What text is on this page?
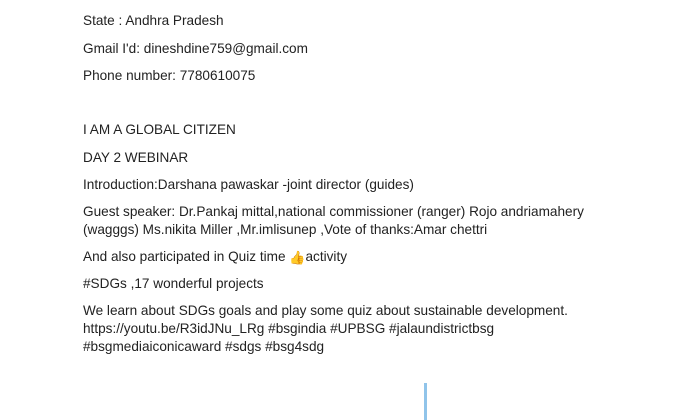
State : Andhra Pradesh

Gmail I'd: dineshdine759@gmail.com

Phone number: 7780610075

I AM A GLOBAL CITIZEN

DAY 2 WEBINAR

Introduction:Darshana pawaskar -joint director (guides)

Guest speaker: Dr.Pankaj mittal,national commissioner (ranger) Rojo andriamahery
(wagggs) Ms.nikita Miller ,Mr.imlisunep ,Vote of thanks:Amar chettri

And also participated in Quiz time 👍activity

#SDGs ,17 wonderful projects

We learn about SDGs goals and play some quiz about sustainable development.
https://youtu.be/R3idJNu_LRg #bsgindia #UPBSG #jalaundistrictbsg
#bsgmediaiconicaward #sdgs #bsg4sdg
